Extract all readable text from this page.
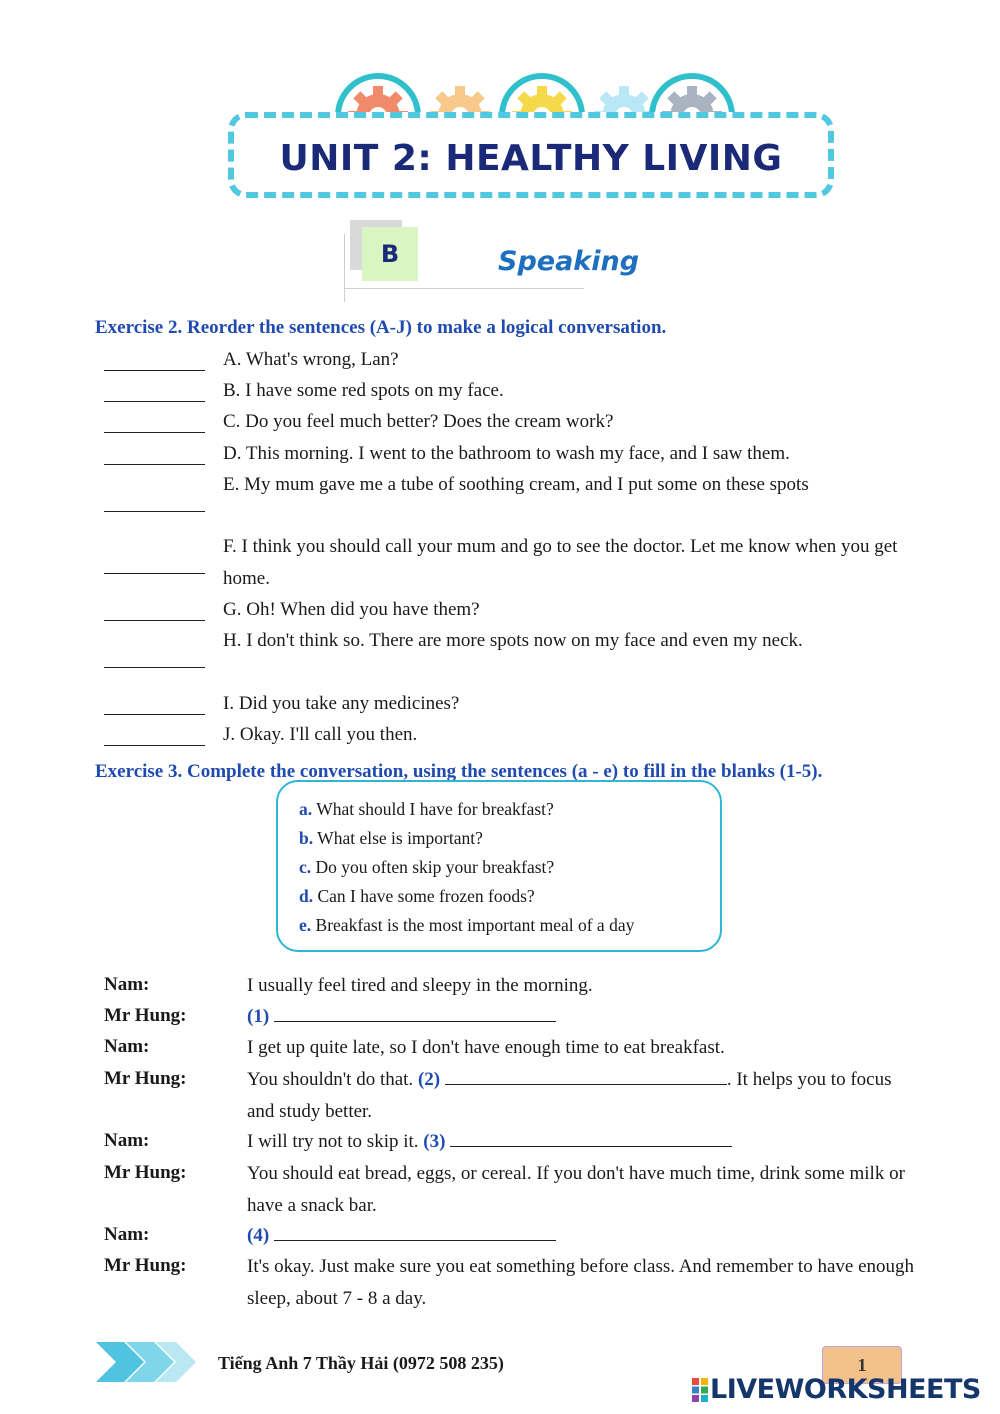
UNIT 2: HEALTHY LIVING
B	Speaking
Exercise 2. Reorder the sentences (A-J) to make a logical conversation.
A. What's wrong, Lan?
B. I have some red spots on my face.
C. Do you feel much better? Does the cream work?
D. This morning. I went to the bathroom to wash my face, and I saw them.
E. My mum gave me a tube of soothing cream, and I put some on these spots
F. I think you should call your mum and go to see the doctor. Let me know when you get home.
G. Oh! When did you have them?
H. I don't think so. There are more spots now on my face and even my neck.
I. Did you take any medicines?
J. Okay. I'll call you then.
Exercise 3. Complete the conversation, using the sentences (a - e) to fill in the blanks (1-5).
a. What should I have for breakfast?
b. What else is important?
c. Do you often skip your breakfast?
d. Can I have some frozen foods?
e. Breakfast is the most important meal of a day
Nam:	I usually feel tired and sleepy in the morning.
Mr Hung:	(1)
Nam:	I get up quite late, so I don't have enough time to eat breakfast.
Mr Hung:	You shouldn't do that. (2)	. It helps you to focus and study better.
Nam:	I will try not to skip it. (3)
Mr Hung:	You should eat bread, eggs, or cereal. If you don't have much time, drink some milk or have a snack bar.
Nam:	(4)
Mr Hung:	It's okay. Just make sure you eat something before class. And remember to have enough sleep, about 7 - 8 a day.
Tiếng Anh 7 Thầy Hải (0972 508 235)	1
LIVEWORKSHEETS
